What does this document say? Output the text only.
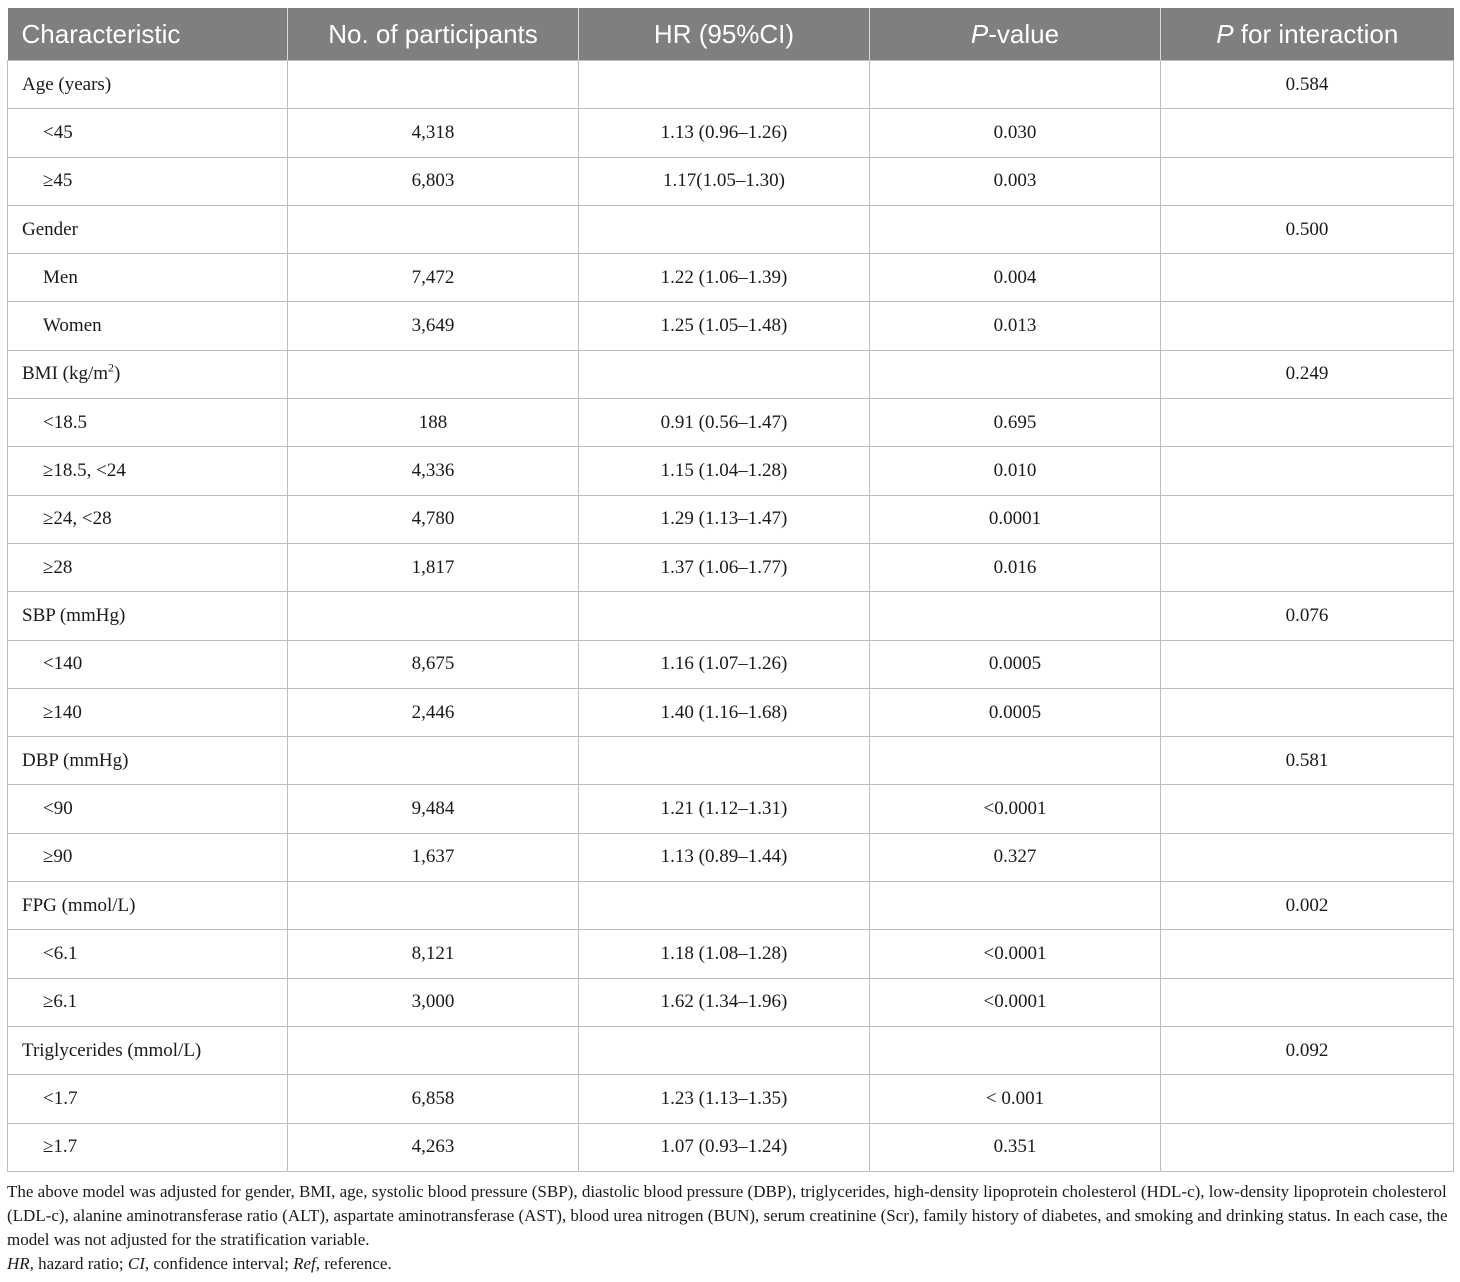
Characteristic	No. of participants	HR (95%CI)	P-value	P for interaction
Age (years)				0.584
<45	4,318	1.13 (0.96–1.26)	0.030	
≥45	6,803	1.17(1.05–1.30)	0.003	
Gender				0.500
Men	7,472	1.22 (1.06–1.39)	0.004	
Women	3,649	1.25 (1.05–1.48)	0.013	
BMI $(kg/m^2)$				0.249
<18.5	188	0.91 (0.56–1.47)	0.695	
≥18.5, <24	4,336	1.15 (1.04–1.28)	0.010	
≥24, <28	4,780	1.29 (1.13–1.47)	0.0001	
≥28	1,817	1.37 (1.06–1.77)	0.016	
SBP (mmHg)				0.076
<140	8,675	1.16 (1.07–1.26)	0.0005	
≥140	2,446	1.40 (1.16–1.68)	0.0005	
DBP (mmHg)				0.581
<90	9,484	1.21 (1.12–1.31)	<0.0001	
≥90	1,637	1.13 (0.89–1.44)	0.327	
FPG (mmol/L)				0.002
<6.1	8,121	1.18 (1.08–1.28)	<0.0001	
≥6.1	3,000	1.62 (1.34–1.96)	<0.0001	
Triglycerides (mmol/L)				0.092
<1.7	6,858	1.23 (1.13–1.35)	< 0.001	
≥1.7	4,263	1.07 (0.93–1.24)	0.351	

The above model was adjusted for gender, BMI, age, systolic blood pressure (SBP), diastolic blood pressure (DBP), triglycerides, high-density lipoprotein cholesterol (HDL-c), low-density lipoprotein cholesterol (LDL-c), alanine aminotransferase ratio (ALT), aspartate aminotransferase (AST), blood urea nitrogen (BUN), serum creatinine (Scr), family history of diabetes, and smoking and drinking status. In each case, the model was not adjusted for the stratification variable.

HR, hazard ratio; CI, confidence interval; Ref, reference.
